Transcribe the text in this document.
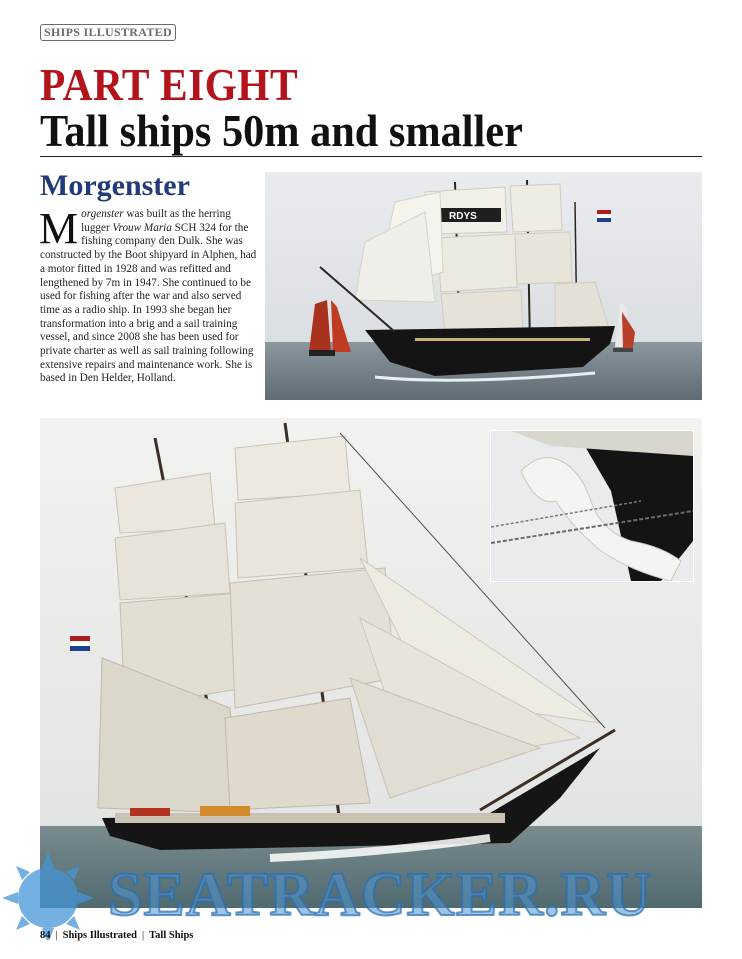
SHIPS ILLUSTRATED
PART EIGHT
Tall ships 50m and smaller
Morgenster
Morgenster was built as the herring lugger Vrouw Maria SCH 324 for the fishing company den Dulk. She was constructed by the Boot shipyard in Alphen, had a motor fitted in 1928 and was refitted and lengthened by 7m in 1947. She continued to be used for fishing after the war and also served time as a radio ship. In 1993 she began her transformation into a brig and a sail training vessel, and since 2008 she has been used for private charter as well as sail training following extensive repairs and maintenance work. She is based in Den Helder, Holland.
RDYS
SEATRACKER.RU
84 | Ships Illustrated | Tall Ships
